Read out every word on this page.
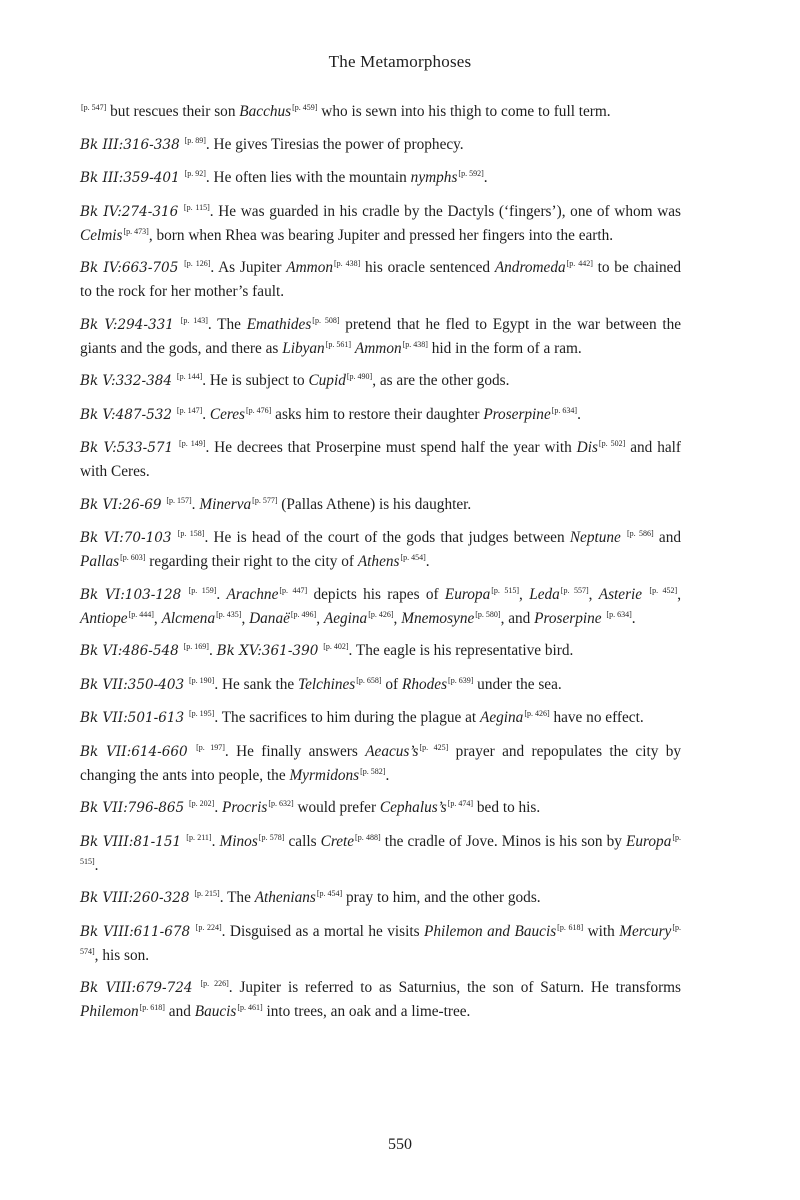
The Metamorphoses

[p. 547] but rescues their son Bacchus[p. 459] who is sewn into his thigh to come to full term.

Bk III:316-338 [p. 89]. He gives Tiresias the power of prophecy.

Bk III:359-401 [p. 92]. He often lies with the mountain nymphs[p. 592].

Bk IV:274-316 [p. 115]. He was guarded in his cradle by the Dactyls (‘fingers’), one of whom was Celmis[p. 473], born when Rhea was bearing Jupiter and pressed her fingers into the earth.

Bk IV:663-705 [p. 126]. As Jupiter Ammon[p. 438] his oracle sentenced Andromeda[p. 442] to be chained to the rock for her mother’s fault.

Bk V:294-331 [p. 143]. The Emathides[p. 508] pretend that he fled to Egypt in the war between the giants and the gods, and there as Libyan[p. 561] Ammon[p. 438] hid in the form of a ram.

Bk V:332-384 [p. 144]. He is subject to Cupid[p. 490], as are the other gods.

Bk V:487-532 [p. 147]. Ceres[p. 476] asks him to restore their daughter Proserpine[p. 634].

Bk V:533-571 [p. 149]. He decrees that Proserpine must spend half the year with Dis[p. 502] and half with Ceres.

Bk VI:26-69 [p. 157]. Minerva[p. 577] (Pallas Athene) is his daughter.

Bk VI:70-103 [p. 158]. He is head of the court of the gods that judges between Neptune [p. 586] and Pallas[p. 603] regarding their right to the city of Athens[p. 454].

Bk VI:103-128 [p. 159]. Arachne[p. 447] depicts his rapes of Europa[p. 515], Leda[p. 557], Asterie [p. 452], Antiope[p. 444], Alcmena[p. 435], Danaë[p. 496], Aegina[p. 426], Mnemosyne[p. 580], and Proserpine [p. 634].

Bk VI:486-548 [p. 169]. Bk XV:361-390 [p. 402]. The eagle is his representative bird.

Bk VII:350-403 [p. 190]. He sank the Telchines[p. 658] of Rhodes[p. 639] under the sea.

Bk VII:501-613 [p. 195]. The sacrifices to him during the plague at Aegina[p. 426] have no effect.

Bk VII:614-660 [p. 197]. He finally answers Aeacus’s[p. 425] prayer and repopulates the city by changing the ants into people, the Myrmidons[p. 582].

Bk VII:796-865 [p. 202]. Procris[p. 632] would prefer Cephalus’s[p. 474] bed to his.

Bk VIII:81-151 [p. 211]. Minos[p. 578] calls Crete[p. 488] the cradle of Jove. Minos is his son by Europa[p. 515].

Bk VIII:260-328 [p. 215]. The Athenians[p. 454] pray to him, and the other gods.

Bk VIII:611-678 [p. 224]. Disguised as a mortal he visits Philemon and Baucis[p. 618] with Mercury[p. 574], his son.

Bk VIII:679-724 [p. 226]. Jupiter is referred to as Saturnius, the son of Saturn. He transforms Philemon[p. 618] and Baucis[p. 461] into trees, an oak and a lime-tree.

550
